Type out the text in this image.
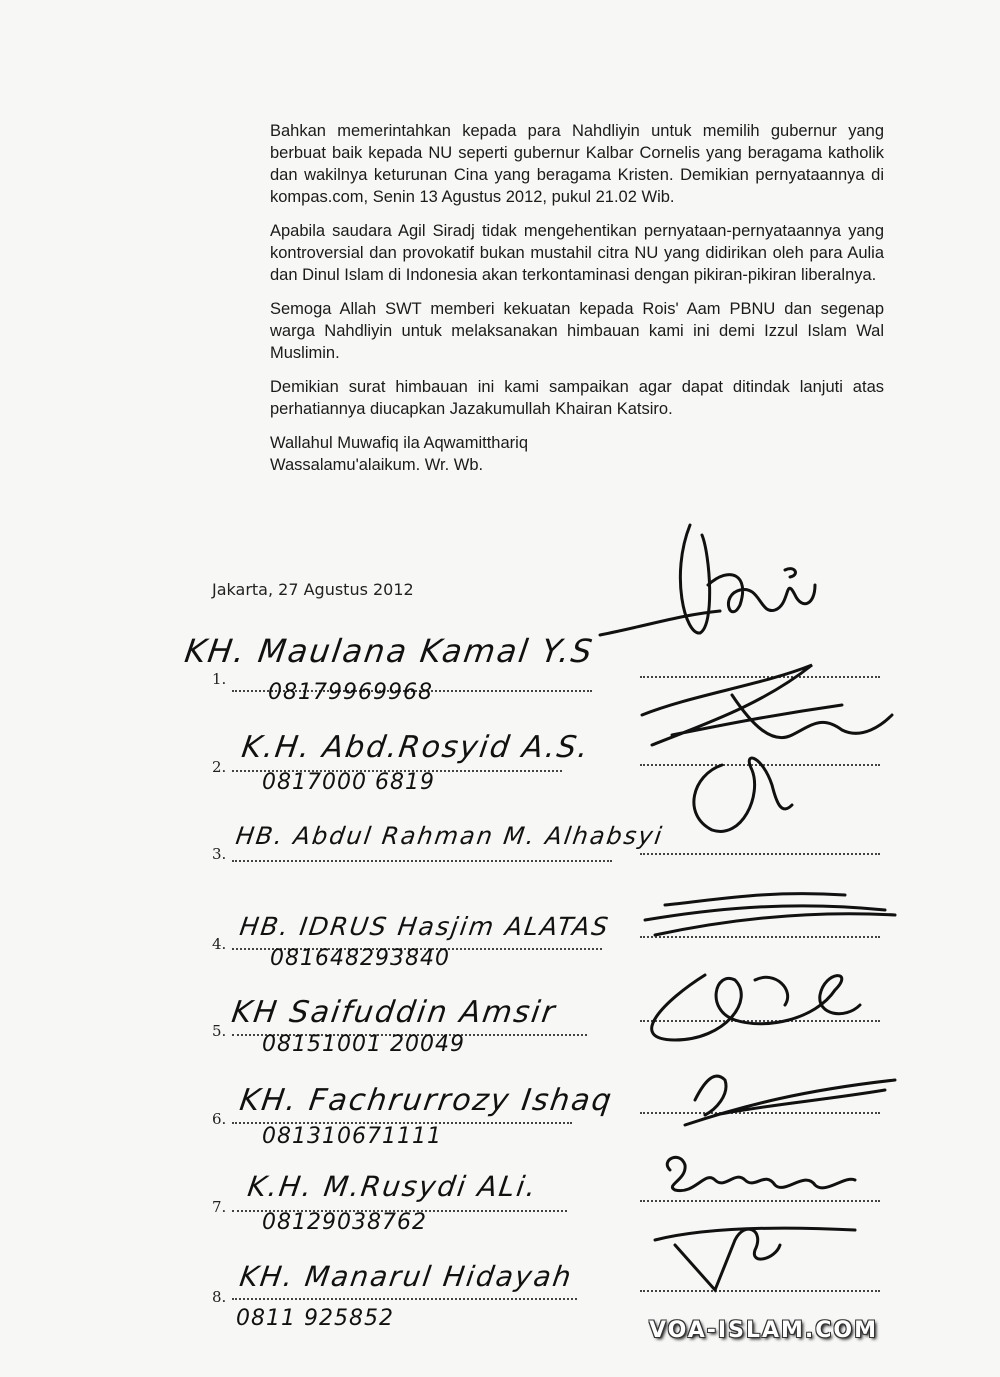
Bahkan memerintahkan kepada para Nahdliyin untuk memilih gubernur yang berbuat baik kepada NU seperti gubernur Kalbar Cornelis yang beragama katholik dan wakilnya keturunan Cina yang beragama Kristen. Demikian pernyataannya di kompas.com, Senin 13 Agustus 2012, pukul 21.02 Wib.

Apabila saudara Agil Siradj tidak mengehentikan pernyataan-pernyataannya yang kontroversial dan provokatif bukan mustahil citra NU yang didirikan oleh para Aulia dan Dinul Islam di Indonesia akan terkontaminasi dengan pikiran-pikiran liberalnya.

Semoga Allah SWT memberi kekuatan kepada Rois' Aam PBNU dan segenap warga Nahdliyin untuk melaksanakan himbauan kami ini demi Izzul Islam Wal Muslimin.

Demikian surat himbauan ini kami sampaikan agar dapat ditindak lanjuti atas perhatiannya diucapkan Jazakumullah Khairan Katsiro.

Wallahul Muwafiq ila Aqwamitthariq
Wassalamu'alaikum. Wr. Wb.
Jakarta, 27 Agustus 2012
1.
KH. Maulana Kamal Y.S
08179969968
2.
K.H. Abd.Rosyid A.S.
0817000 6819
3.
HB. Abdul Rahman M. Alhabsyi
4.
HB. IDRUS Hasjim ALATAS
081648293840
5.
KH Saifuddin Amsir
08151001 20049
6.
KH. Fachrurrozy Ishaq
081310671111
7.
K.H. M.Rusydi ALi.
08129038762
8.
KH. Manarul Hidayah
0811 925852	VOA-ISLAM.COM
